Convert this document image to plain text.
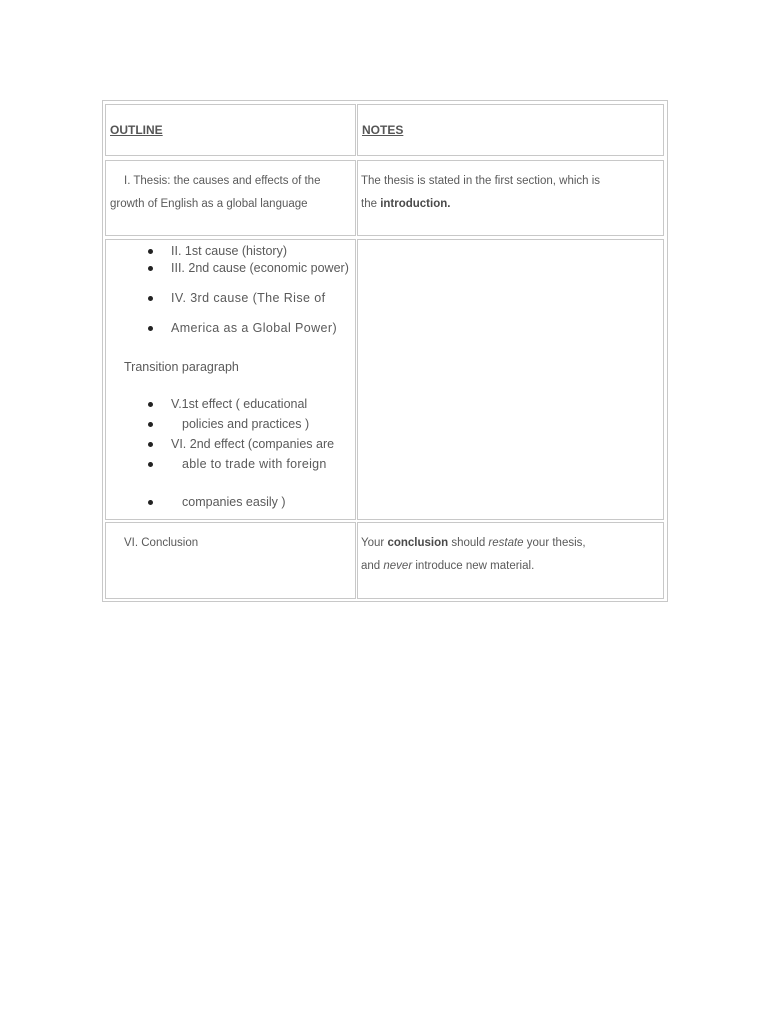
OUTLINE	NOTES
I. Thesis: the causes and effects of the
growth of English as a global language
The thesis is stated in the first section, which is
the introduction.
II. 1st cause (history)
III. 2nd cause (economic power)
IV. 3rd cause (The Rise of
America as a Global Power)
Transition paragraph
V.1st effect ( educational
policies and practices )
VI. 2nd effect (companies are
able to trade with foreign
companies easily )
VI. Conclusion	Your conclusion should restate your thesis,
and never introduce new material.
